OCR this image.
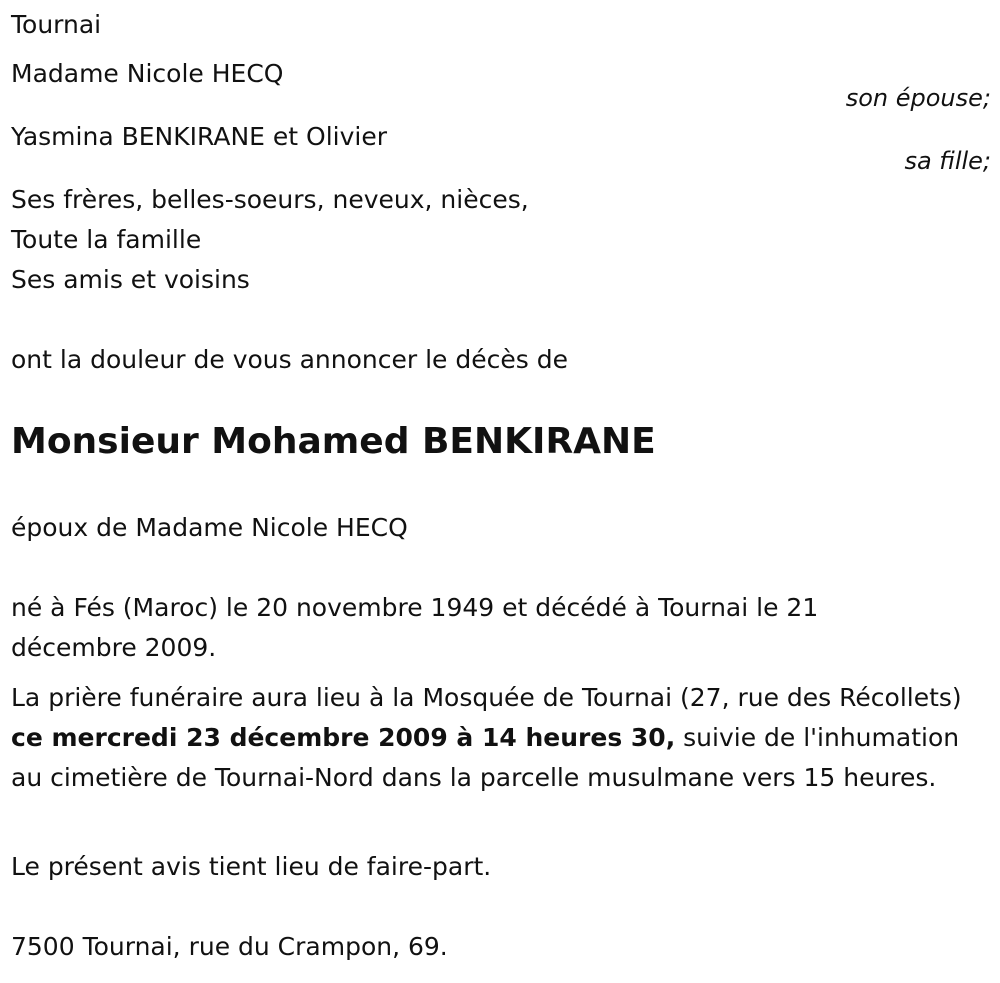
Tournai

Madame Nicole HECQ

son épouse;

Yasmina BENKIRANE et Olivier

sa fille;

Ses frères, belles-soeurs, neveux, nièces,

Toute la famille

Ses amis et voisins

ont la douleur de vous annoncer le décès de

Monsieur Mohamed BENKIRANE

époux de Madame Nicole HECQ

né à Fés (Maroc) le 20 novembre 1949 et décédé à Tournai le 21 décembre 2009.

La prière funéraire aura lieu à la Mosquée de Tournai (27, rue des Récollets) ce mercredi 23 décembre 2009 à 14 heures 30, suivie de l'inhumation au cimetière de Tournai-Nord dans la parcelle musulmane vers 15 heures.

Le présent avis tient lieu de faire-part.

7500 Tournai, rue du Crampon, 69.
